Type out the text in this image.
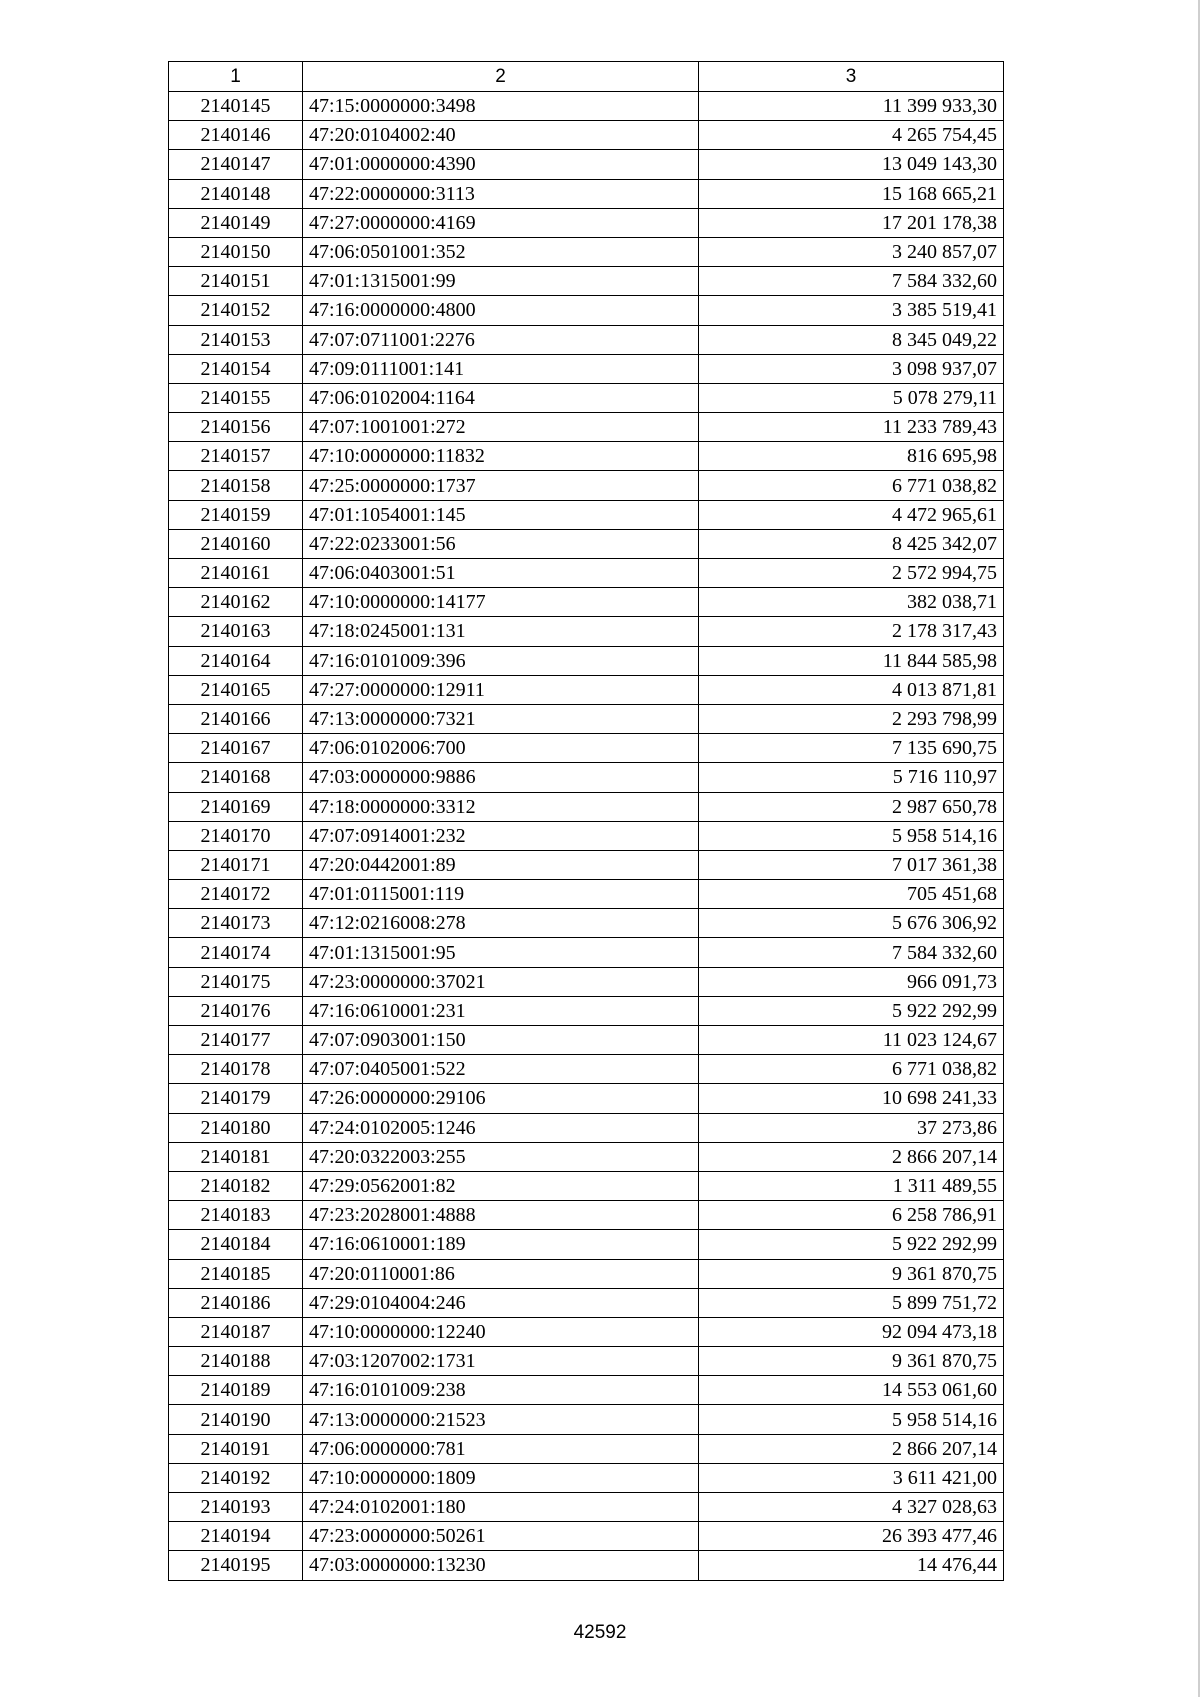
1	2	3
2140145	47:15:0000000:3498	11 399 933,30
2140146	47:20:0104002:40	4 265 754,45
2140147	47:01:0000000:4390	13 049 143,30
2140148	47:22:0000000:3113	15 168 665,21
2140149	47:27:0000000:4169	17 201 178,38
2140150	47:06:0501001:352	3 240 857,07
2140151	47:01:1315001:99	7 584 332,60
2140152	47:16:0000000:4800	3 385 519,41
2140153	47:07:0711001:2276	8 345 049,22
2140154	47:09:0111001:141	3 098 937,07
2140155	47:06:0102004:1164	5 078 279,11
2140156	47:07:1001001:272	11 233 789,43
2140157	47:10:0000000:11832	816 695,98
2140158	47:25:0000000:1737	6 771 038,82
2140159	47:01:1054001:145	4 472 965,61
2140160	47:22:0233001:56	8 425 342,07
2140161	47:06:0403001:51	2 572 994,75
2140162	47:10:0000000:14177	382 038,71
2140163	47:18:0245001:131	2 178 317,43
2140164	47:16:0101009:396	11 844 585,98
2140165	47:27:0000000:12911	4 013 871,81
2140166	47:13:0000000:7321	2 293 798,99
2140167	47:06:0102006:700	7 135 690,75
2140168	47:03:0000000:9886	5 716 110,97
2140169	47:18:0000000:3312	2 987 650,78
2140170	47:07:0914001:232	5 958 514,16
2140171	47:20:0442001:89	7 017 361,38
2140172	47:01:0115001:119	705 451,68
2140173	47:12:0216008:278	5 676 306,92
2140174	47:01:1315001:95	7 584 332,60
2140175	47:23:0000000:37021	966 091,73
2140176	47:16:0610001:231	5 922 292,99
2140177	47:07:0903001:150	11 023 124,67
2140178	47:07:0405001:522	6 771 038,82
2140179	47:26:0000000:29106	10 698 241,33
2140180	47:24:0102005:1246	37 273,86
2140181	47:20:0322003:255	2 866 207,14
2140182	47:29:0562001:82	1 311 489,55
2140183	47:23:2028001:4888	6 258 786,91
2140184	47:16:0610001:189	5 922 292,99
2140185	47:20:0110001:86	9 361 870,75
2140186	47:29:0104004:246	5 899 751,72
2140187	47:10:0000000:12240	92 094 473,18
2140188	47:03:1207002:1731	9 361 870,75
2140189	47:16:0101009:238	14 553 061,60
2140190	47:13:0000000:21523	5 958 514,16
2140191	47:06:0000000:781	2 866 207,14
2140192	47:10:0000000:1809	3 611 421,00
2140193	47:24:0102001:180	4 327 028,63
2140194	47:23:0000000:50261	26 393 477,46
2140195	47:03:0000000:13230	14 476,44
42592
